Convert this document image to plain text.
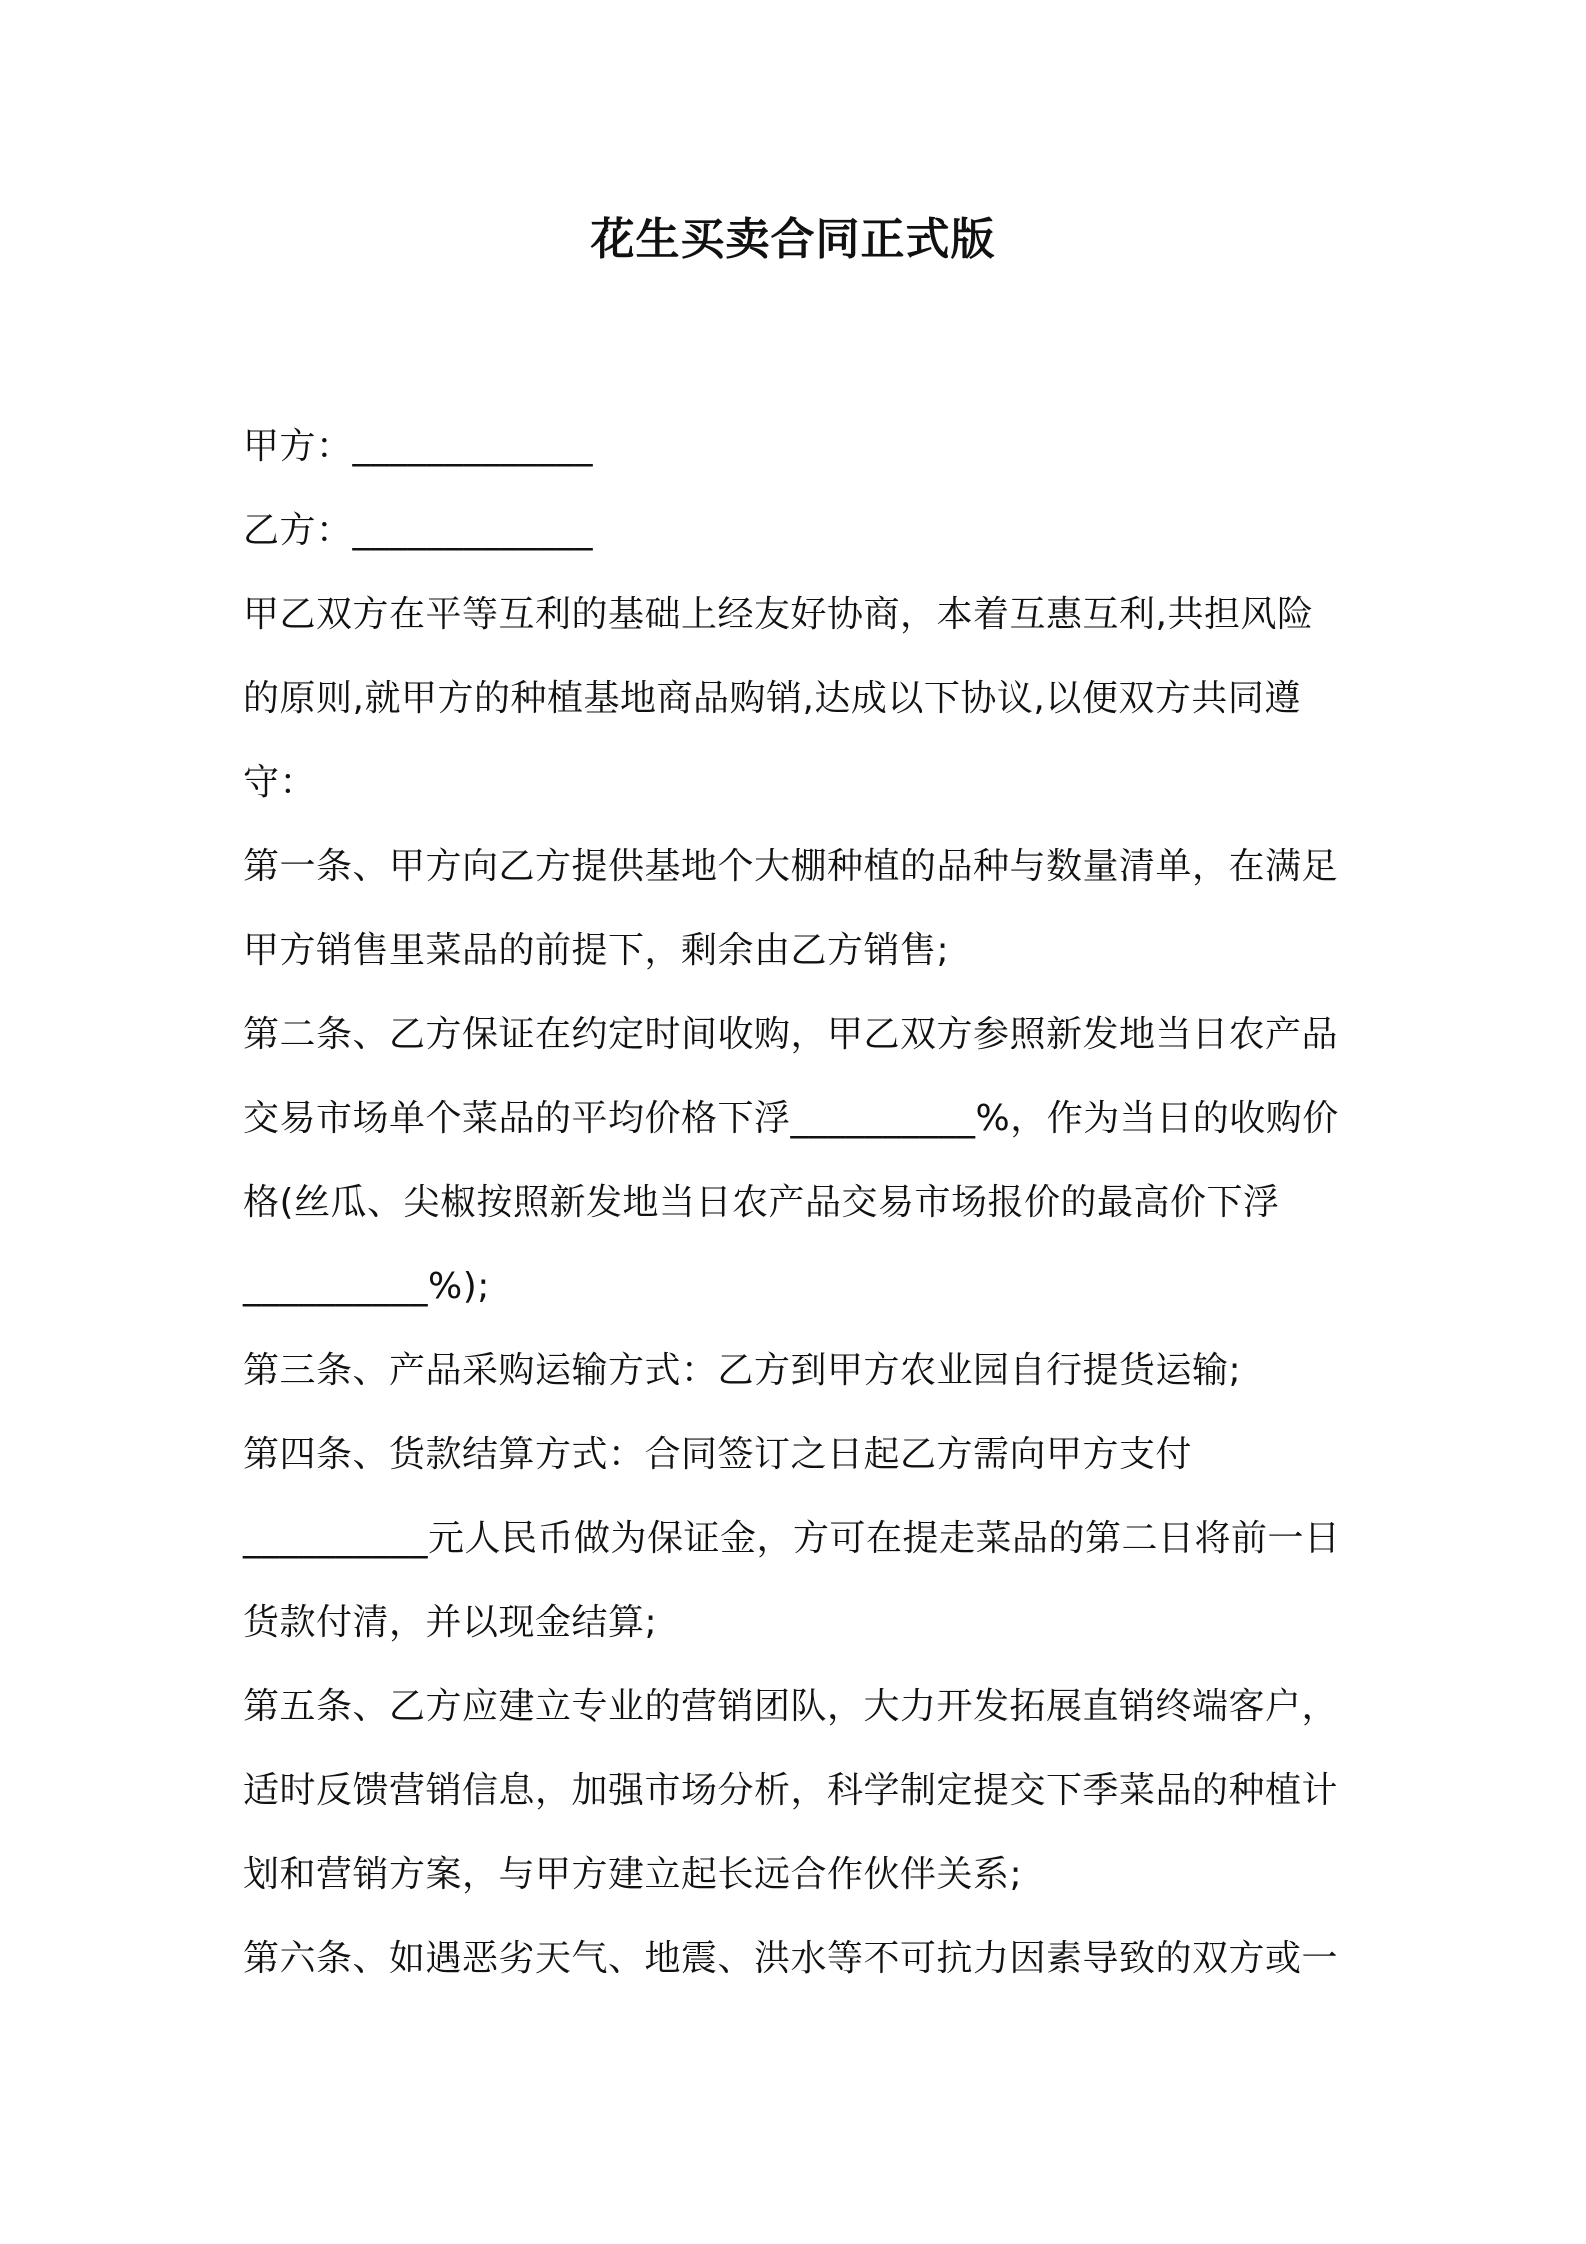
花生买卖合同正式版
甲方：_____________
乙方：_____________
甲乙双方在平等互利的基础上经友好协商，本着互惠互利,共担风险
的原则,就甲方的种植基地商品购销,达成以下协议,以便双方共同遵
守：
第一条、甲方向乙方提供基地个大棚种植的品种与数量清单，在满足
甲方销售里菜品的前提下，剩余由乙方销售;
第二条、乙方保证在约定时间收购，甲乙双方参照新发地当日农产品
交易市场单个菜品的平均价格下浮__________%，作为当日的收购价
格(丝瓜、尖椒按照新发地当日农产品交易市场报价的最高价下浮
__________%);
第三条、产品采购运输方式：乙方到甲方农业园自行提货运输;
第四条、货款结算方式：合同签订之日起乙方需向甲方支付
__________元人民币做为保证金，方可在提走菜品的第二日将前一日
货款付清，并以现金结算;
第五条、乙方应建立专业的营销团队，大力开发拓展直销终端客户，
适时反馈营销信息，加强市场分析，科学制定提交下季菜品的种植计
划和营销方案，与甲方建立起长远合作伙伴关系;
第六条、如遇恶劣天气、地震、洪水等不可抗力因素导致的双方或一
